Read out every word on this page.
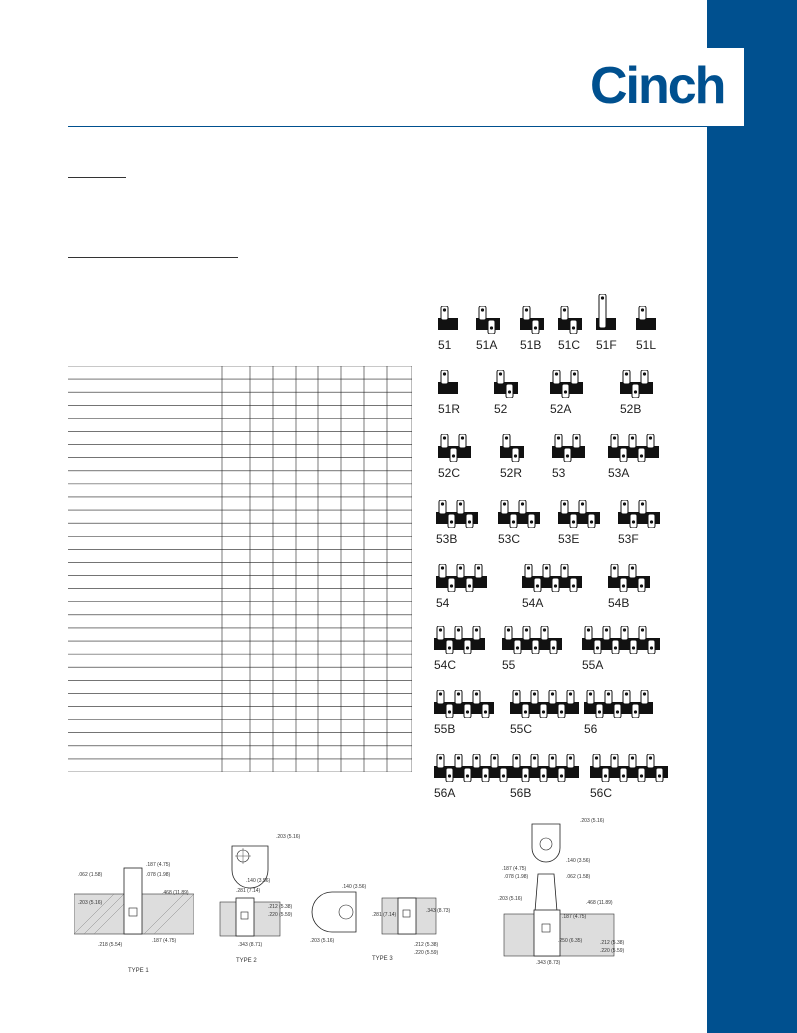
Cinch
51 51A 51B 51C 51F 51L
51R	52	52A	52B
52C	52R 53	53A
53B	53C	53E	53F
54	54A	54B
54C	55	55A
55B	55C	56
56A	56B	56C
.187 (4.75)
.078 (1.98)
.062 (1.58)
.468 (11.89)
.203 (5.16)
.187 (4.75)
.218 (5.54)
TYPE 1
.203 (5.16)
.140 (3.56)
.281 (7.14)
.212 (5.38)
.220 (5.59)
.343 (8.71)
TYPE 2
.140 (3.56)
.281 (7.14)
.343 (8.73)
.203 (5.16)
.212 (5.38)
.220 (5.59)
TYPE 3
.203 (5.16)
.140 (3.56)
.187 (4.75)
.078 (1.98)	.062 (1.58)
.203 (5.16)
.468 (11.89)
.187 (4.75)
.250 (6.35)	.212 (5.38)
.220 (5.59)
.343 (8.73)
